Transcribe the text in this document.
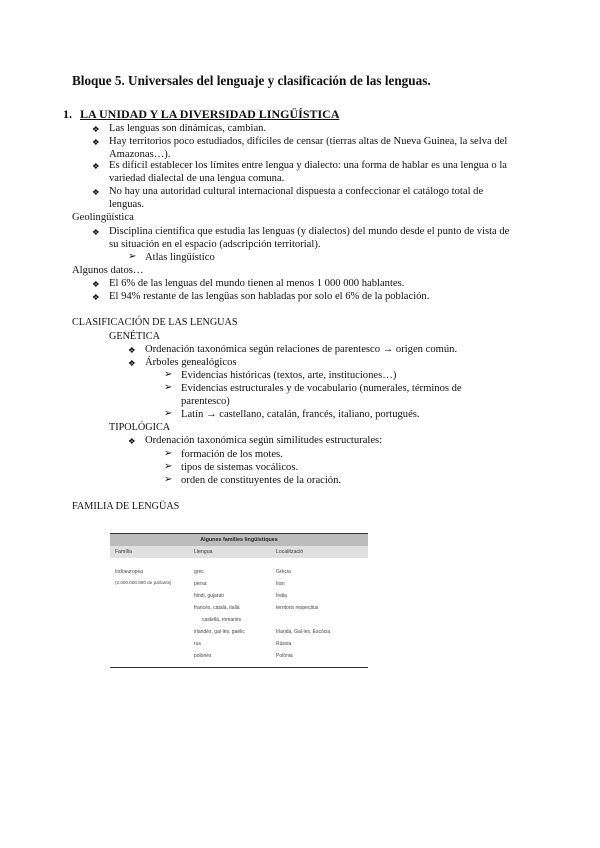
Bloque 5. Universales del lenguaje y clasificación de las lenguas.
1. LA UNIDAD Y LA DIVERSIDAD LINGÜÍSTICA
❖ Las lenguas son dinámicas, cambian.
❖ Hay territorios poco estudiados, difíciles de censar (tierras altas de Nueva Guinea, la selva del
Amazonas…).
❖ Es difícil establecer los límites entre lengua y dialecto: una forma de hablar es una lengua o la
variedad dialectal de una lengua comuna.
❖ No hay una autoridad cultural internacional dispuesta a confeccionar el catálogo total de
lenguas.
Geolingüística
❖ Disciplina científica que estudia las lenguas (y dialectos) del mundo desde el punto de vista de
su situación en el espacio (adscripción territorial).
➢ Atlas lingüístico
Algunos datos…
❖ El 6% de las lenguas del mundo tienen al menos 1 000 000 hablantes.
❖ El 94% restante de las lengüas son habladas por solo el 6% de la población.
CLASIFICACIÓN DE LAS LENGUAS
GENÉTICA
❖ Ordenación taxonómica según relaciones de parentesco → origen común.
❖ Árboles genealógicos
➢ Evidencias históricas (textos, arte, instituciones…)
➢ Evidencias estructurales y de vocabulario (numerales, términos de
parentesco)
➢ Latín → castellano, catalán, francés, italiano, portugués.
TIPOLÓGICA
❖ Ordenación taxonómica según similitudes estructurales:
➢ formación de los motes.
➢ tipos de sistemas vocálicos.
➢ orden de constituyentes de la oración.
FAMILIA DE LENGÜAS
Algunes famílies lingüístiques
Família	Llengua	Localització
Indoeuropea
(2.000.000.000 de parlants)
grec
persa
hindi, gujarati
francès, català, italià
castellà, romanès
irlandès, gal·lès, gaèlic
rus
polonès
Grècia
Iran
Índia
territoris respectius
Irlanda, Gal·les, Escòcia
Rússia
Polònia
